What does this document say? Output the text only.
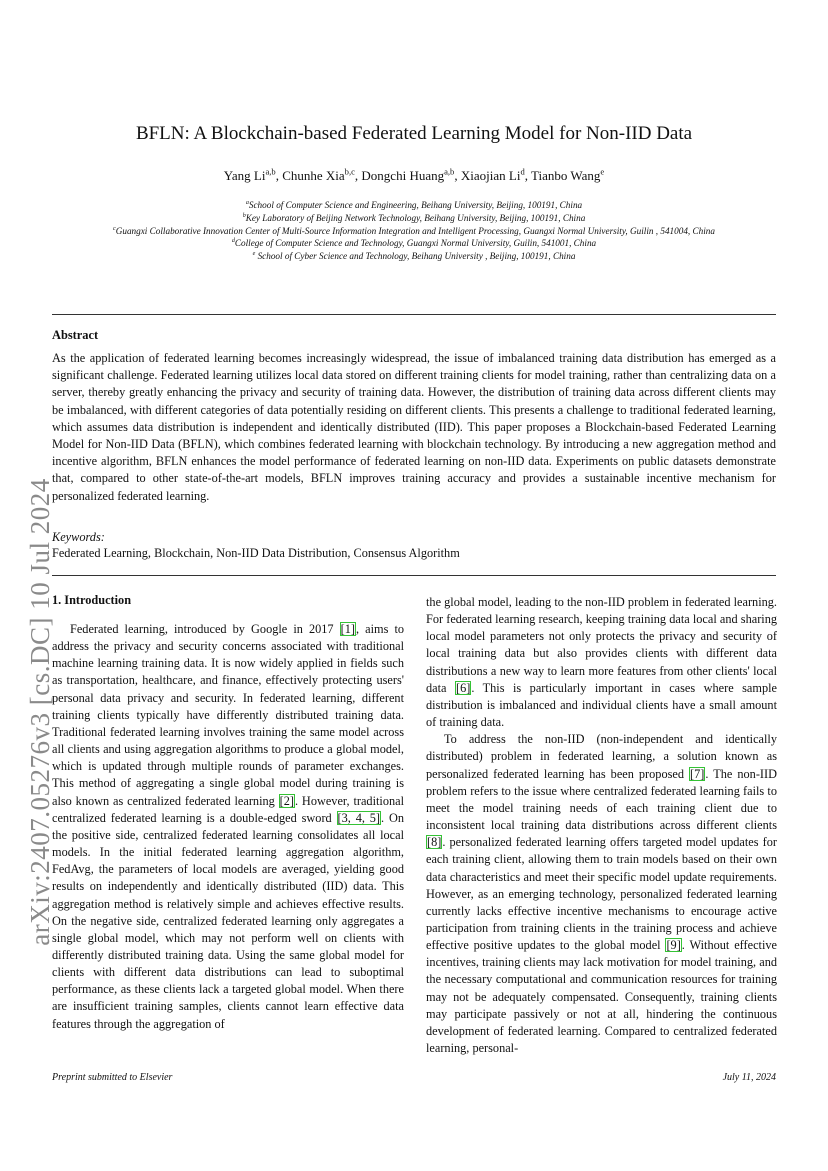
arXiv:2407.05276v3 [cs.DC] 10 Jul 2024
BFLN: A Blockchain-based Federated Learning Model for Non-IID Data
Yang Li$^{a,b}$, Chunhe Xia$^{b,c}$, Dongchi Huang$^{a,b}$, Xiaojian Li$^d$, Tianbo Wang$^e$
$^a$School of Computer Science and Engineering, Beihang University, Beijing, 100191, China
$^b$Key Laboratory of Beijing Network Technology, Beihang University, Beijing, 100191, China
$^c$Guangxi Collaborative Innovation Center of Multi-Source Information Integration and Intelligent Processing, Guangxi Normal University, Guilin , 541004, China
$^d$College of Computer Science and Technology, Guangxi Normal University, Guilin, 541001, China
$^e$ School of Cyber Science and Technology, Beihang University , Beijing, 100191, China
Abstract
As the application of federated learning becomes increasingly widespread, the issue of imbalanced training data distribution has emerged as a significant challenge. Federated learning utilizes local data stored on different training clients for model training, rather than centralizing data on a server, thereby greatly enhancing the privacy and security of training data. However, the distribution of training data across different clients may be imbalanced, with different categories of data potentially residing on different clients. This presents a challenge to traditional federated learning, which assumes data distribution is independent and identically distributed (IID). This paper proposes a Blockchain-based Federated Learning Model for Non-IID Data (BFLN), which combines federated learning with blockchain technology. By introducing a new aggregation method and incentive algorithm, BFLN enhances the model performance of federated learning on non-IID data. Experiments on public datasets demonstrate that, compared to other state-of-the-art models, BFLN improves training accuracy and provides a sustainable incentive mechanism for personalized federated learning.
Keywords:
Federated Learning, Blockchain, Non-IID Data Distribution, Consensus Algorithm
1. Introduction

Federated learning, introduced by Google in 2017 [1], aims to address the privacy and security concerns associated with traditional machine learning training data. It is now widely applied in fields such as transportation, healthcare, and finance, effectively protecting users' personal data privacy and security. In federated learning, different training clients typically have differently distributed training data. Traditional federated learning involves training the same model across all clients and using aggregation algorithms to produce a global model, which is updated through multiple rounds of parameter exchanges. This method of aggregating a single global model during training is also known as centralized federated learning [2]. However, traditional centralized federated learning is a double-edged sword [3, 4, 5]. On the positive side, centralized federated learning consolidates all local models. In the initial federated learning aggregation algorithm, FedAvg, the parameters of local models are averaged, yielding good results on independently and identically distributed (IID) data. This aggregation method is relatively simple and achieves effective results. On the negative side, centralized federated learning only aggregates a single global model, which may not perform well on clients with differently distributed training data. Using the same global model for clients with different data distributions can lead to suboptimal performance, as these clients lack a targeted global model. When there are insufficient training samples, clients cannot learn effective data features through the aggregation of

the global model, leading to the non-IID problem in federated learning. For federated learning research, keeping training data local and sharing local model parameters not only protects the privacy and security of local training data but also provides clients with different data distributions a new way to learn more features from other clients' local data [6]. This is particularly important in cases where sample distribution is imbalanced and individual clients have a small amount of training data.

To address the non-IID (non-independent and identically distributed) problem in federated learning, a solution known as personalized federated learning has been proposed [7]. The non-IID problem refers to the issue where centralized federated learning fails to meet the model training needs of each training client due to inconsistent local training data distributions across different clients [8]. personalized federated learning offers targeted model updates for each training client, allowing them to train models based on their own data characteristics and meet their specific model update requirements. However, as an emerging technology, personalized federated learning currently lacks effective incentive mechanisms to encourage active participation from training clients in the training process and achieve effective positive updates to the global model [9]. Without effective incentives, training clients may lack motivation for model training, and the necessary computational and communication resources for training may not be adequately compensated. Consequently, training clients may participate passively or not at all, hindering the continuous development of federated learning. Compared to centralized federated learning, personal-

Preprint submitted to Elsevier	July 11, 2024
